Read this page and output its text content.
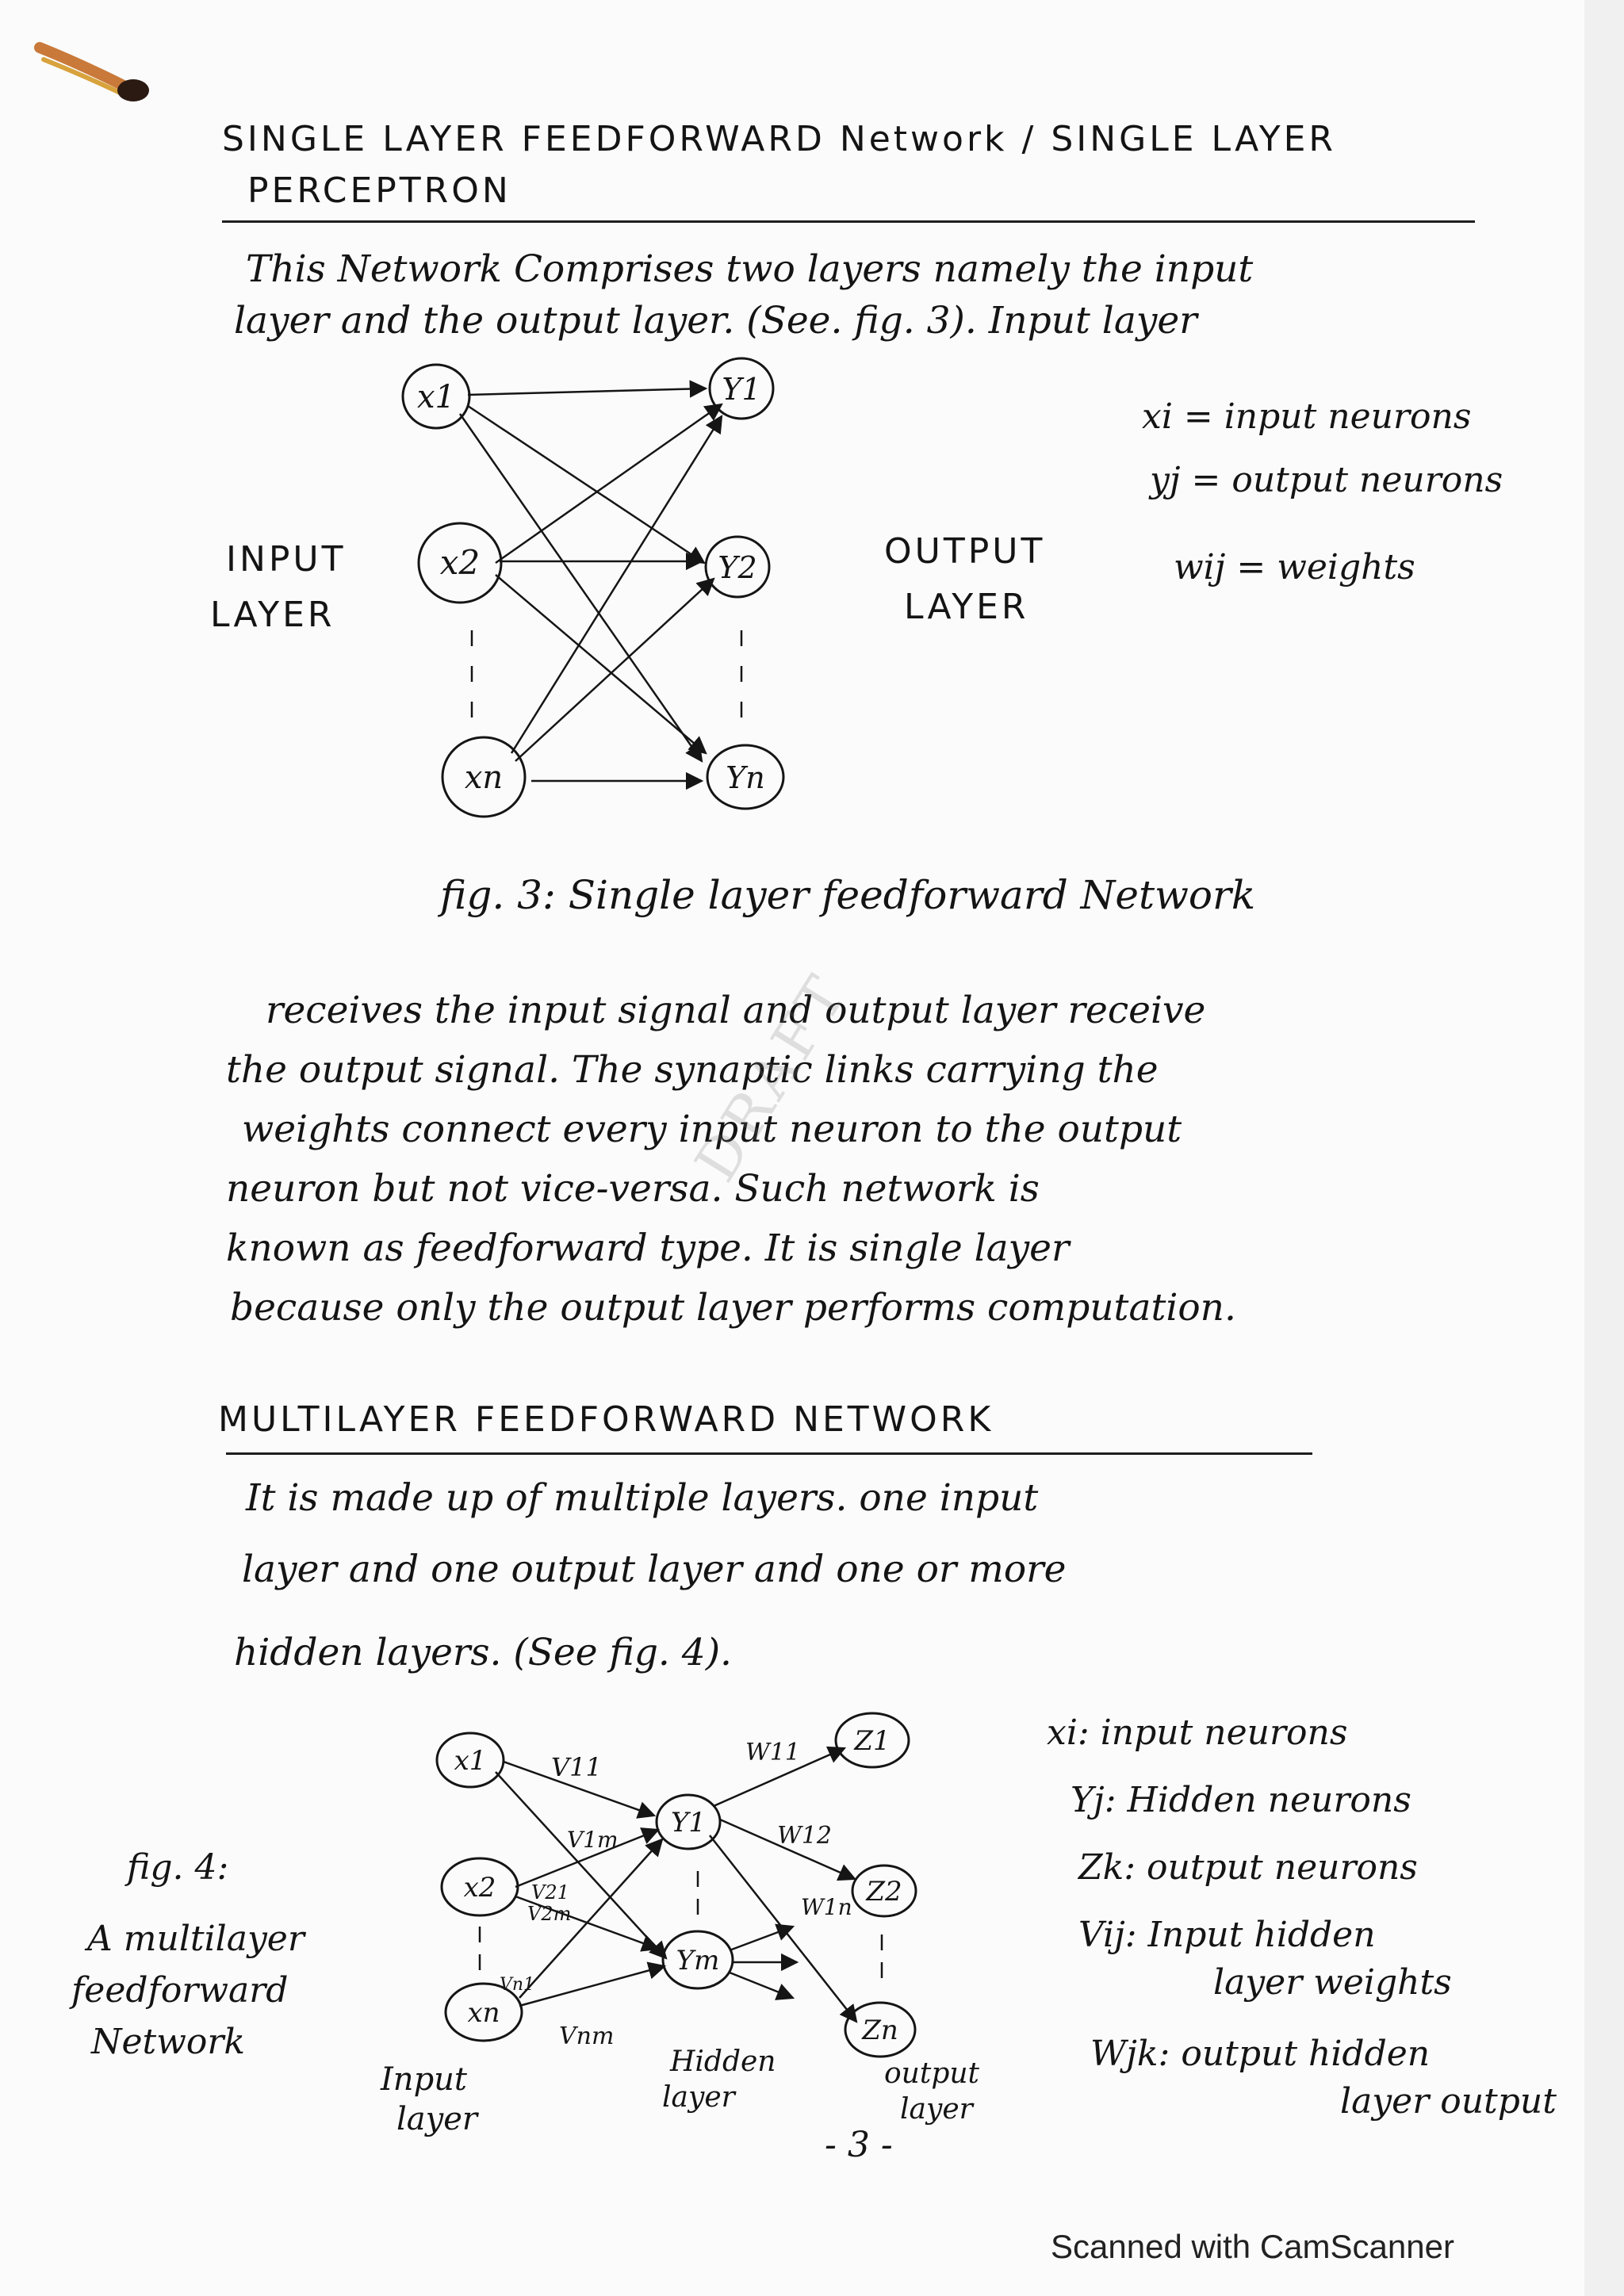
SINGLE LAYER FEEDFORWARD Network / SINGLE LAYER
PERCEPTRON
This Network Comprises two layers namely the input
layer and the output layer. (See. fig. 3). Input layer
x1
x2
xn
Y1
Y2
Yn
INPUT
LAYER
OUTPUT
LAYER
xi = input neurons
yj = output neurons
wij = weights
fig. 3: Single layer feedforward Network
receives the input signal and output layer receive
the output signal. The synaptic links carrying the
weights connect every input neuron to the output
neuron but not vice-versa. Such network is
known as feedforward type. It is single layer
because only the output layer performs computation.
DRAFT
MULTILAYER FEEDFORWARD NETWORK
It is made up of multiple layers. one input
layer and one output layer and one or more
hidden layers. (See fig. 4).
x1
x2
xn
Y1
Ym
Z1
Z2
Zn
V11
V1m
V21
V2m
Vn1
Vnm
W11
W12
W1n
fig. 4:
A multilayer
feedforward
Network
Input
layer
Hidden
layer
output
layer
xi: input neurons
Yj: Hidden neurons
Zk: output neurons
Vij: Input hidden
layer weights
Wjk: output hidden
layer output
- 3 -
Scanned with CamScanner
